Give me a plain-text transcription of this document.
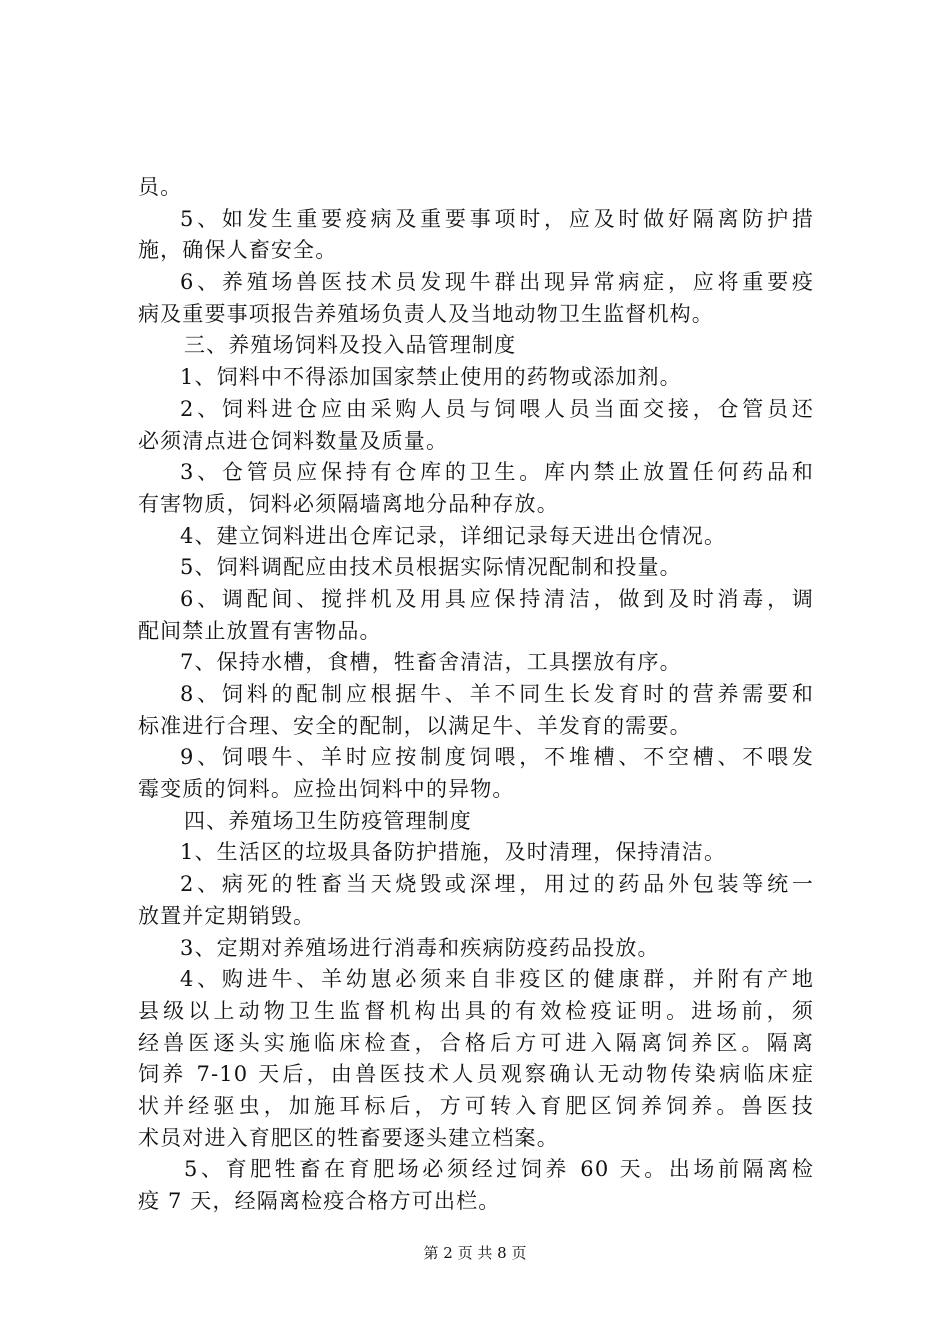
员。
5、如发生重要疫病及重要事项时，应及时做好隔离防护措
施，确保人畜安全。
6、养殖场兽医技术员发现牛群出现异常病症，应将重要疫
病及重要事项报告养殖场负责人及当地动物卫生监督机构。
三、养殖场饲料及投入品管理制度
1、饲料中不得添加国家禁止使用的药物或添加剂。
2、饲料进仓应由采购人员与饲喂人员当面交接，仓管员还
必须清点进仓饲料数量及质量。
3、仓管员应保持有仓库的卫生。库内禁止放置任何药品和
有害物质，饲料必须隔墙离地分品种存放。
4、建立饲料进出仓库记录，详细记录每天进出仓情况。
5、饲料调配应由技术员根据实际情况配制和投量。
6、调配间、搅拌机及用具应保持清洁，做到及时消毒，调
配间禁止放置有害物品。
7、保持水槽，食槽，牲畜舍清洁，工具摆放有序。
8、饲料的配制应根据牛、羊不同生长发育时的营养需要和
标准进行合理、安全的配制，以满足牛、羊发育的需要。
9、饲喂牛、羊时应按制度饲喂，不堆槽、不空槽、不喂发
霉变质的饲料。应捡出饲料中的异物。
四、养殖场卫生防疫管理制度
1、生活区的垃圾具备防护措施，及时清理，保持清洁。
2、病死的牲畜当天烧毁或深埋，用过的药品外包装等统一
放置并定期销毁。
3、定期对养殖场进行消毒和疾病防疫药品投放。
4、购进牛、羊幼崽必须来自非疫区的健康群，并附有产地
县级以上动物卫生监督机构出具的有效检疫证明。进场前，须
经兽医逐头实施临床检查，合格后方可进入隔离饲养区。隔离
饲养 7-10 天后，由兽医技术人员观察确认无动物传染病临床症
状并经驱虫，加施耳标后，方可转入育肥区饲养饲养。兽医技
术员对进入育肥区的牲畜要逐头建立档案。
5、育肥牲畜在育肥场必须经过饲养 60 天。出场前隔离检
疫 7 天，经隔离检疫合格方可出栏。
第 2 页 共 8 页
